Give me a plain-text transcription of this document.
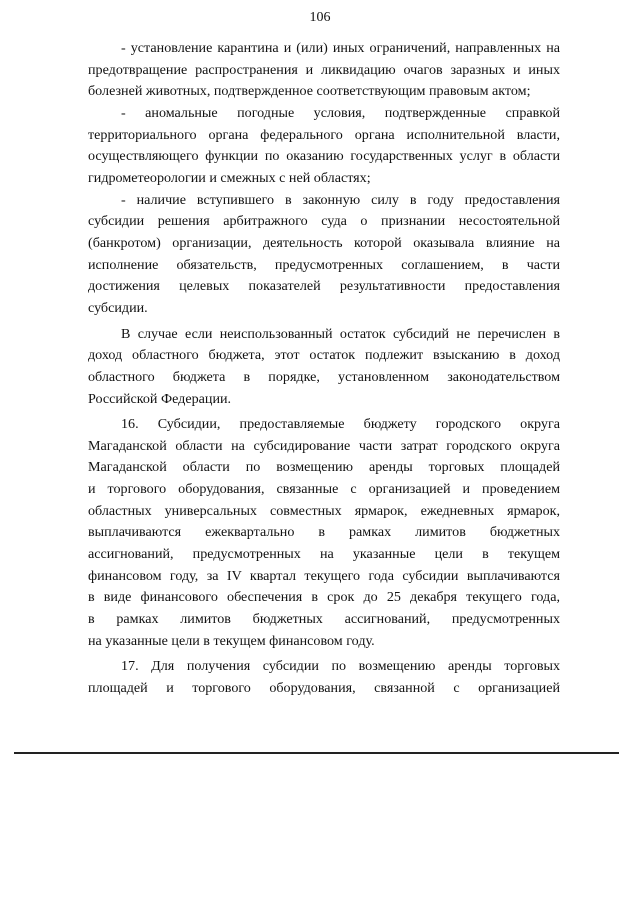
106
- установление карантина и (или) иных ограничений, направленных на
предотвращение распространения и ликвидацию очагов заразных и иных
болезней животных, подтвержденное соответствующим правовым актом;
- аномальные погодные условия, подтвержденные справкой
территориального органа федерального органа исполнительной власти,
осуществляющего функции по оказанию государственных услуг в области
гидрометеорологии и смежных с ней областях;
- наличие вступившего в законную силу в году предоставления
субсидии решения арбитражного суда о признании несостоятельной
(банкротом) организации, деятельность которой оказывала влияние на
исполнение обязательств, предусмотренных соглашением, в части
достижения целевых показателей результативности предоставления
субсидии.
В случае если неиспользованный остаток субсидий не перечислен в
доход областного бюджета, этот остаток подлежит взысканию в доход
областного бюджета в порядке, установленном законодательством
Российской Федерации.
16. Субсидии, предоставляемые бюджету городского округа
Магаданской области на субсидирование части затрат городского округа
Магаданской области по возмещению аренды торговых площадей
и торгового оборудования, связанные с организацией и проведением
областных универсальных совместных ярмарок, ежедневных ярмарок,
выплачиваются ежеквартально в рамках лимитов бюджетных
ассигнований, предусмотренных на указанные цели в текущем
финансовом году, за IV квартал текущего года субсидии выплачиваются
в виде финансового обеспечения в срок до 25 декабря текущего года,
в рамках лимитов бюджетных ассигнований, предусмотренных
на указанные цели в текущем финансовом году.
17. Для получения субсидии по возмещению аренды торговых
площадей и торгового оборудования, связанной с организацией
